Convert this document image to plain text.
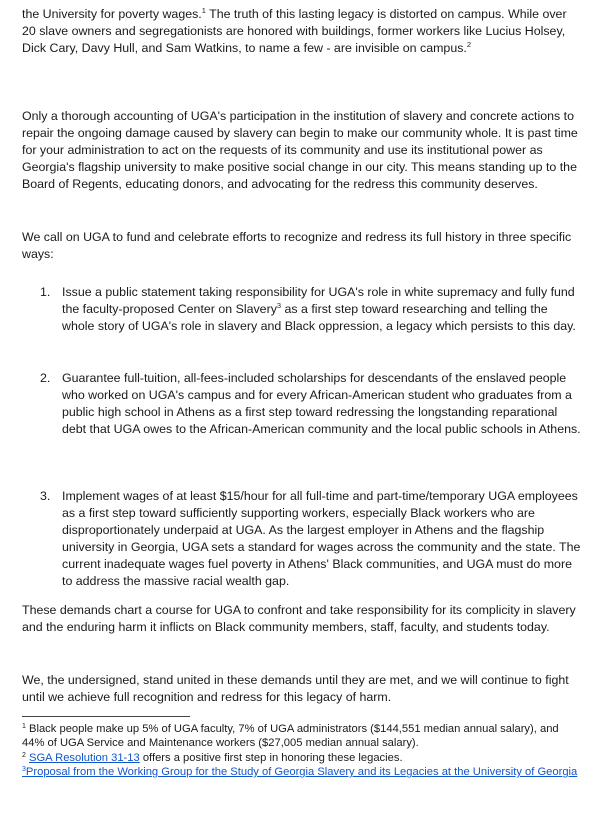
the University for poverty wages.$^1$ The truth of this lasting legacy is distorted on campus. While over 20 slave owners and segregationists are honored with buildings, former workers like Lucius Holsey, Dick Cary, Davy Hull, and Sam Watkins, to name a few - are invisible on campus.$^2$

Only a thorough accounting of UGA's participation in the institution of slavery and concrete actions to repair the ongoing damage caused by slavery can begin to make our community whole. It is past time for your administration to act on the requests of its community and use its institutional power as Georgia's flagship university to make positive social change in our city. This means standing up to the Board of Regents, educating donors, and advocating for the redress this community deserves.

We call on UGA to fund and celebrate efforts to recognize and redress its full history in three specific ways:

1. Issue a public statement taking responsibility for UGA's role in white supremacy and fully fund the faculty-proposed Center on Slavery$^3$ as a first step toward researching and telling the whole story of UGA's role in slavery and Black oppression, a legacy which persists to this day.
2. Guarantee full-tuition, all-fees-included scholarships for descendants of the enslaved people who worked on UGA's campus and for every African-American student who graduates from a public high school in Athens as a first step toward redressing the longstanding reparational debt that UGA owes to the African-American community and the local public schools in Athens.
3. Implement wages of at least $15/hour for all full-time and part-time/temporary UGA employees as a first step toward sufficiently supporting workers, especially Black workers who are disproportionately underpaid at UGA. As the largest employer in Athens and the flagship university in Georgia, UGA sets a standard for wages across the community and the state. The current inadequate wages fuel poverty in Athens' Black communities, and UGA must do more to address the massive racial wealth gap.

These demands chart a course for UGA to confront and take responsibility for its complicity in slavery and the enduring harm it inflicts on Black community members, staff, faculty, and students today.

We, the undersigned, stand united in these demands until they are met, and we will continue to fight until we achieve full recognition and redress for this legacy of harm.

$^1$ Black people make up 5% of UGA faculty, 7% of UGA administrators ($144,551 median annual salary), and 44% of UGA Service and Maintenance workers ($27,005 median annual salary).

$^2$ SGA Resolution 31-13 offers a positive first step in honoring these legacies.

$^3$Proposal from the Working Group for the Study of Georgia Slavery and its Legacies at the University of Georgia
